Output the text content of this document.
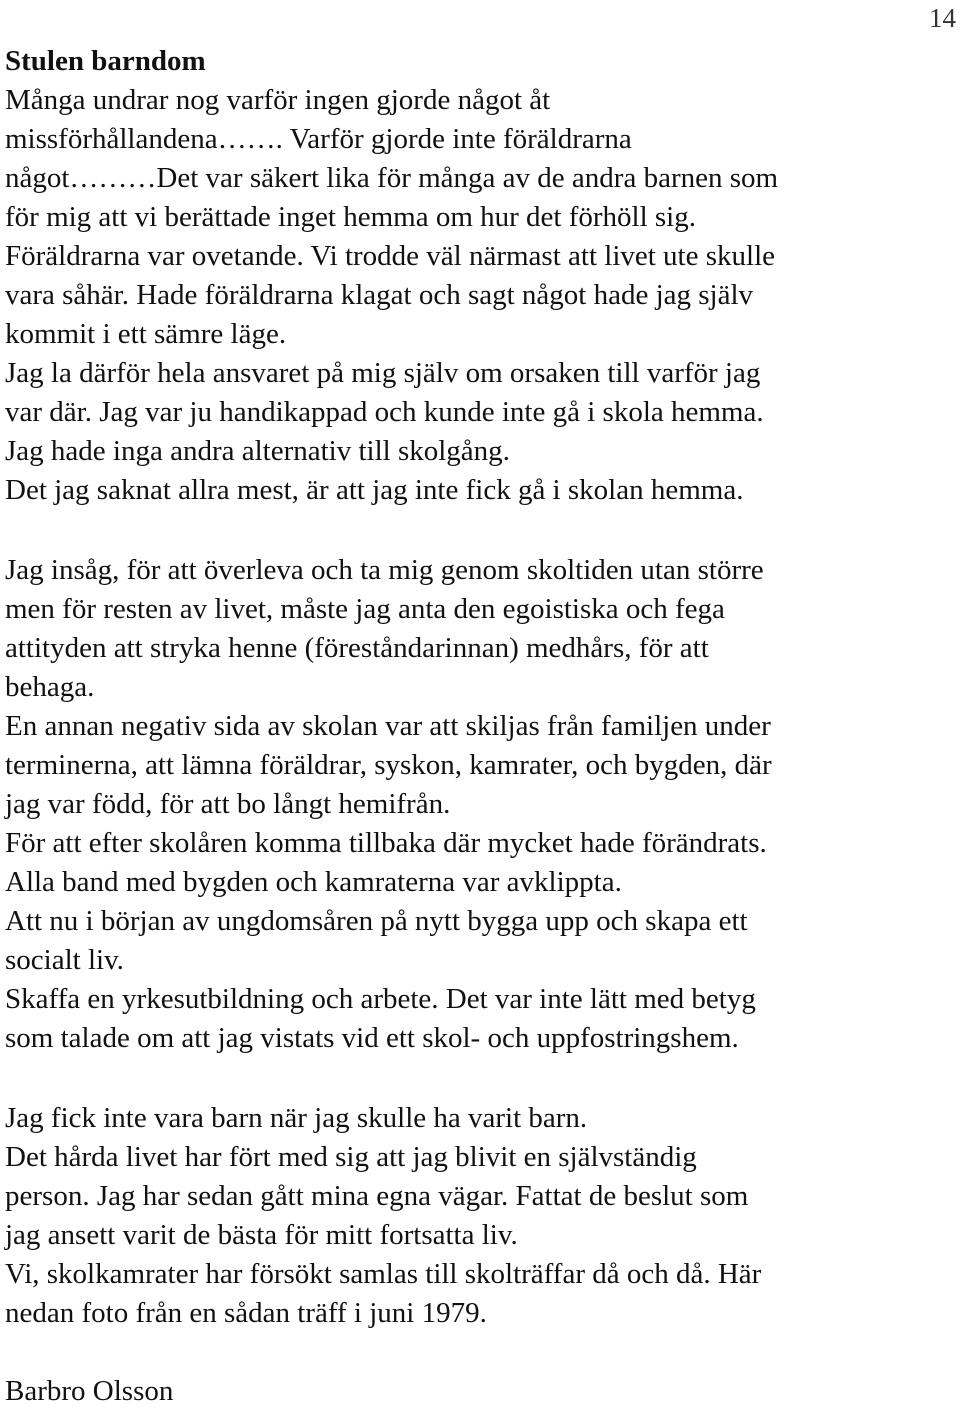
14
Stulen barndom

Många undrar nog varför ingen gjorde något åt

missförhållandena……. Varför gjorde inte föräldrarna

något………Det var säkert lika för många av de andra barnen som

för mig att vi berättade inget hemma om hur det förhöll sig.

Föräldrarna var ovetande. Vi trodde väl närmast att livet ute skulle

vara såhär. Hade föräldrarna klagat och sagt något hade jag själv

kommit i ett sämre läge.

Jag la därför hela ansvaret på mig själv om orsaken till varför jag

var där. Jag var ju handikappad och kunde inte gå i skola hemma.

Jag hade inga andra alternativ till skolgång.

Det jag saknat allra mest, är att jag inte fick gå i skolan hemma.

Jag insåg, för att överleva och ta mig genom skoltiden utan större

men för resten av livet, måste jag anta den egoistiska och fega

attityden att stryka henne (föreståndarinnan) medhårs, för att

behaga.

En annan negativ sida av skolan var att skiljas från familjen under

terminerna, att lämna föräldrar, syskon, kamrater, och bygden, där

jag var född, för att bo långt hemifrån.

För att efter skolåren komma tillbaka där mycket hade förändrats.

Alla band med bygden och kamraterna var avklippta.

Att nu i början av ungdomsåren på nytt bygga upp och skapa ett

socialt liv.

Skaffa en yrkesutbildning och arbete. Det var inte lätt med betyg

som talade om att jag vistats vid ett skol- och uppfostringshem.

Jag fick inte vara barn när jag skulle ha varit barn.

Det hårda livet har fört med sig att jag blivit en självständig

person. Jag har sedan gått mina egna vägar. Fattat de beslut som

jag ansett varit de bästa för mitt fortsatta liv.

Vi, skolkamrater har försökt samlas till skolträffar då och då. Här

nedan foto från en sådan träff i juni 1979.

Barbro Olsson
